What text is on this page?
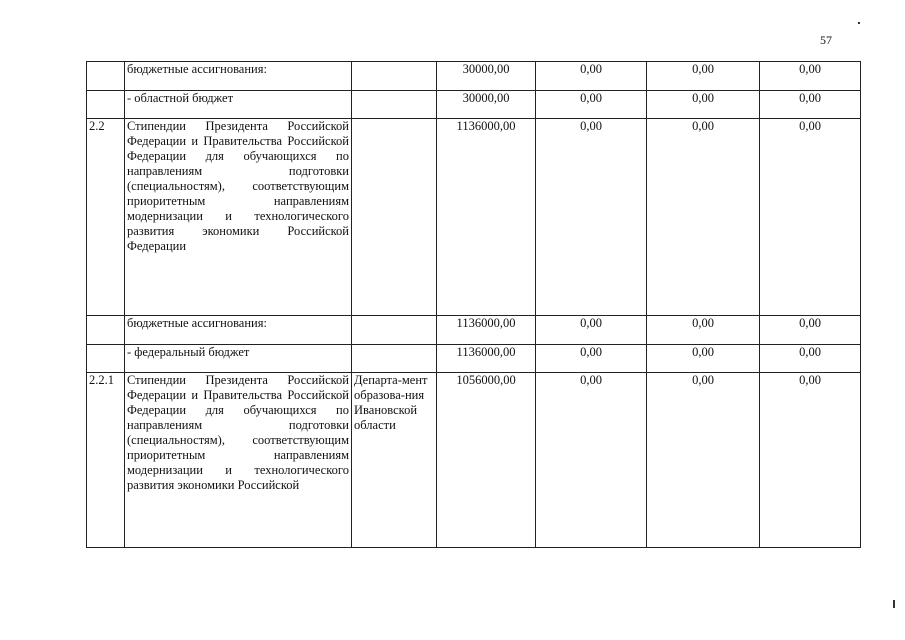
57
	бюджетные ассигнования:		30000,00	0,00	0,00	0,00
	- областной бюджет		30000,00	0,00	0,00	0,00
2.2	Стипендии Президента Российской Федерации и Правительства Российской Федерации для обучающихся по направлениям подготовки (специальностям), соответствующим приоритетным направлениям модернизации и технологического развития экономики Российской Федерации		1136000,00	0,00	0,00	0,00
	бюджетные ассигнования:		1136000,00	0,00	0,00	0,00
	- федеральный бюджет		1136000,00	0,00	0,00	0,00
2.2.1	Стипендии Президента Российской Федерации и Правительства Российской Федерации для обучающихся по направлениям подготовки (специальностям), соответствующим приоритетным направлениям модернизации и технологического развития экономики Российской	Департа-мент образова-ния Ивановской области	1056000,00	0,00	0,00	0,00
